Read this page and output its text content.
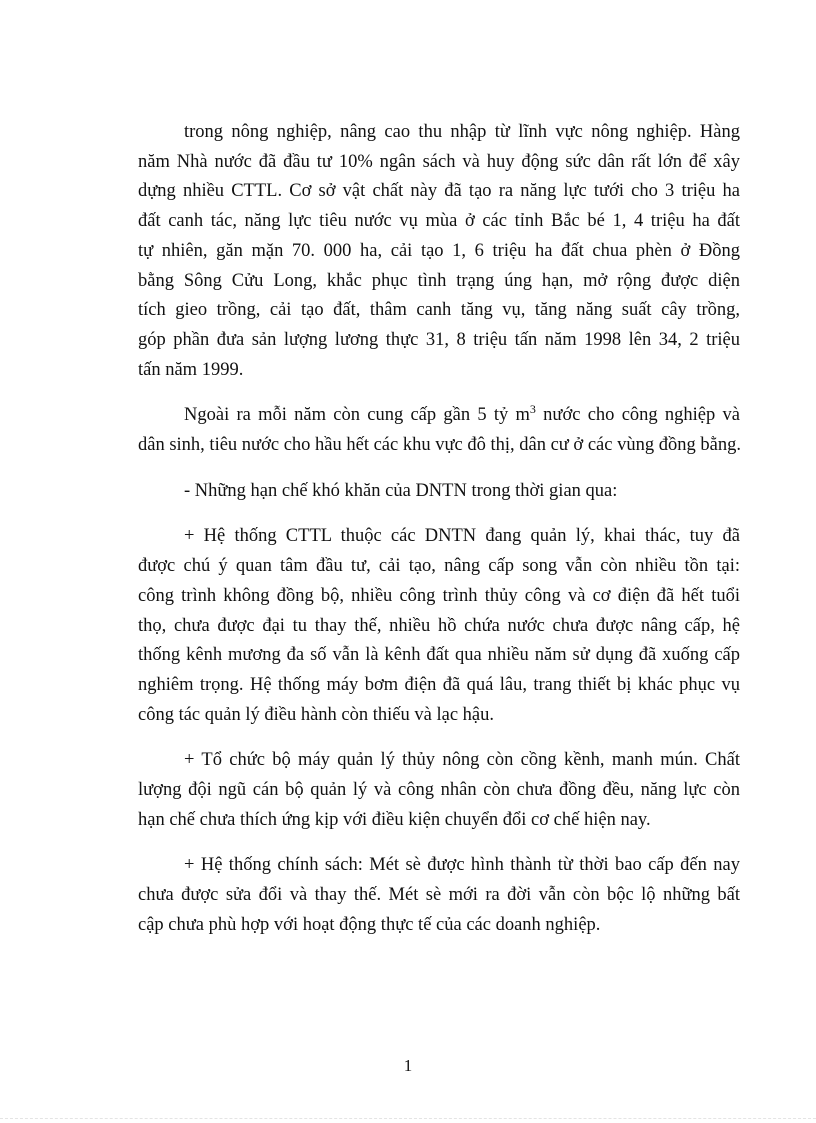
trong nông nghiệp, nâng cao thu nhập từ lĩnh vực nông nghiệp. Hàng
năm Nhà nước đã đầu tư 10% ngân sách và huy động sức dân rất lớn để xây
dựng nhiều CTTL. Cơ sở vật chất này đã tạo ra năng lực tưới cho 3 triệu ha
đất canh tác, năng lực tiêu nước vụ mùa ở các tỉnh Bắc bé 1, 4 triệu ha đất
tự nhiên, găn mặn 70. 000 ha, cải tạo 1, 6 triệu ha đất chua phèn ở Đồng
bằng Sông Cửu Long, khắc phục tình trạng úng hạn, mở rộng được diện
tích gieo trồng, cải tạo đất, thâm canh tăng vụ, tăng năng suất cây trồng,
góp phần đưa sản lượng lương thực 31, 8 triệu tấn năm 1998 lên 34, 2 triệu
tấn năm 1999.
Ngoài ra mỗi năm còn cung cấp gần 5 tỷ $m^3$ nước cho công nghiệp và
dân sinh, tiêu nước cho hầu hết các khu vực đô thị, dân cư ở các vùng đồng bằng.
- Những hạn chế khó khăn của DNTN trong thời gian qua:
+ Hệ thống CTTL thuộc các DNTN đang quản lý, khai thác, tuy đã
được chú ý quan tâm đầu tư, cải tạo, nâng cấp song vẫn còn nhiều tồn tại:
công trình không đồng bộ, nhiều công trình thủy công và cơ điện đã hết tuổi
thọ, chưa được đại tu thay thế, nhiều hồ chứa nước chưa được nâng cấp, hệ
thống kênh mương đa số vẫn là kênh đất qua nhiều năm sử dụng đã xuống cấp
nghiêm trọng. Hệ thống máy bơm điện đã quá lâu, trang thiết bị khác phục vụ
công tác quản lý điều hành còn thiếu và lạc hậu.
+ Tổ chức bộ máy quản lý thủy nông còn cồng kềnh, manh mún. Chất
lượng đội ngũ cán bộ quản lý và công nhân còn chưa đồng đều, năng lực còn
hạn chế chưa thích ứng kịp với điều kiện chuyển đổi cơ chế hiện nay.
+ Hệ thống chính sách: Mét sè được hình thành từ thời bao cấp đến nay
chưa được sửa đổi và thay thế. Mét sè mới ra đời vẫn còn bộc lộ những bất
cập chưa phù hợp với hoạt động thực tế của các doanh nghiệp.
1
